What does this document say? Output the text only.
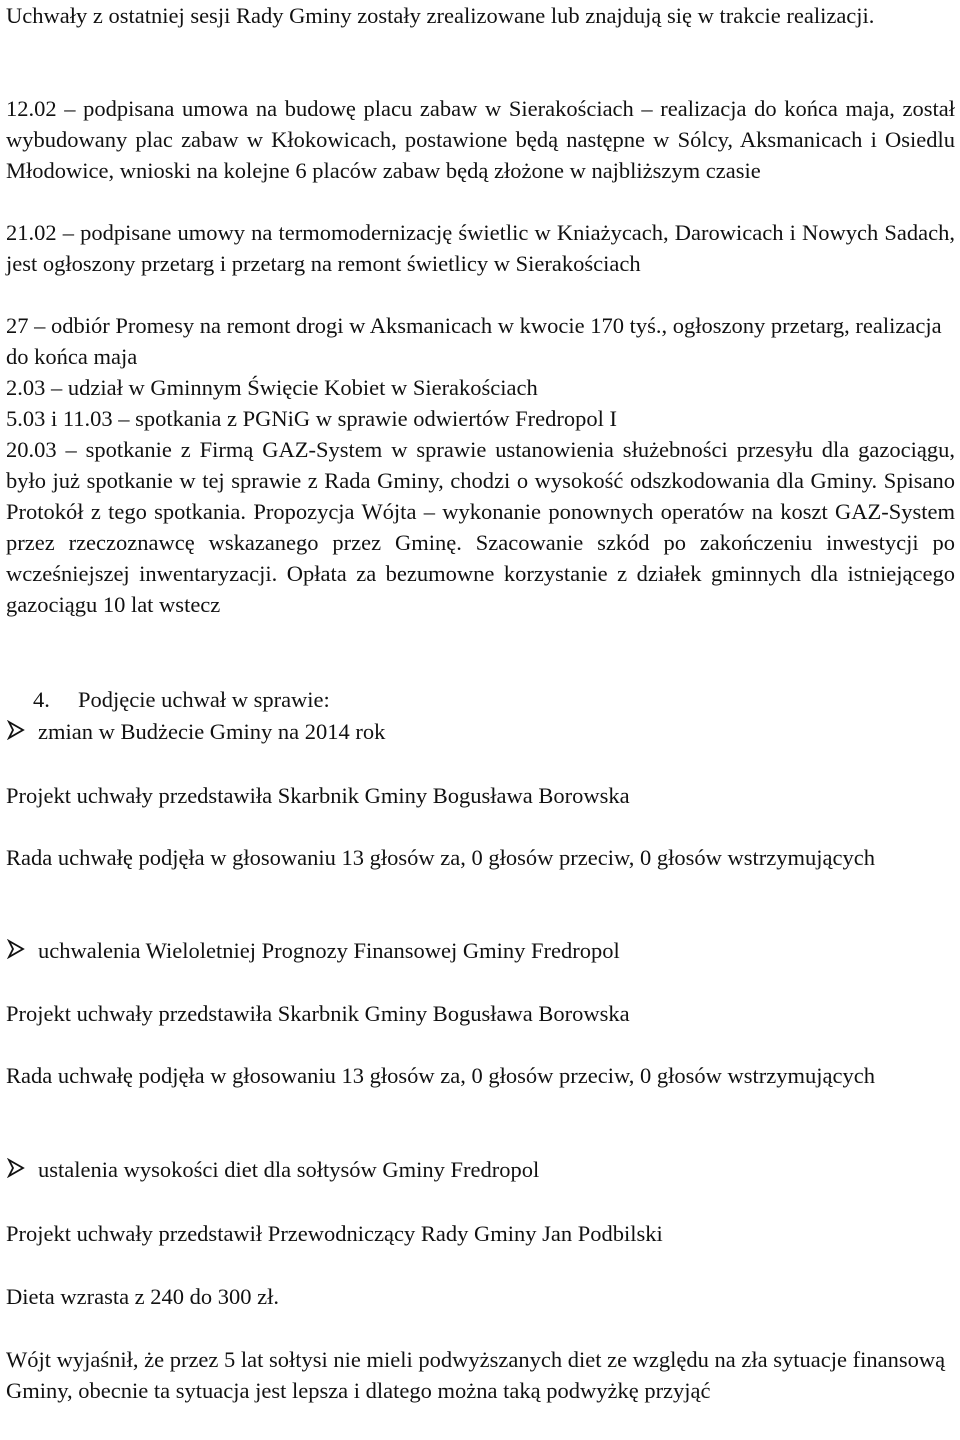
Uchwały z ostatniej sesji Rady Gminy zostały zrealizowane lub znajdują się w trakcie realizacji.

12.02 – podpisana umowa na budowę placu zabaw w Sierakościach – realizacja do końca maja, został wybudowany plac zabaw w Kłokowicach, postawione będą następne w Sólcy, Aksmanicach i Osiedlu Młodowice, wnioski na kolejne 6 placów zabaw będą złożone w najbliższym czasie
21.02 – podpisane umowy na termomodernizację świetlic w Kniażycach, Darowicach i Nowych Sadach, jest ogłoszony przetarg i przetarg na remont świetlicy w Sierakościach
27 – odbiór Promesy na remont drogi w Aksmanicach w kwocie 170 tyś., ogłoszony przetarg, realizacja do końca maja
2.03 – udział w Gminnym Święcie Kobiet w Sierakościach
5.03 i 11.03 – spotkania z PGNiG w sprawie odwiertów Fredropol I
20.03 – spotkanie z Firmą GAZ-System w sprawie ustanowienia służebności przesyłu dla gazociągu, było już spotkanie w tej sprawie z Rada Gminy, chodzi o wysokość odszkodowania dla Gminy. Spisano Protokół z tego spotkania. Propozycja Wójta – wykonanie ponownych operatów na koszt GAZ-System przez rzeczoznawcę wskazanego przez Gminę. Szacowanie szkód po zakończeniu inwestycji po wcześniejszej inwentaryzacji. Opłata za bezumowne korzystanie z działek gminnych dla istniejącego gazociągu 10 lat wstecz
4. Podjęcie uchwał w sprawie:
zmian w Budżecie Gminy na 2014 rok

Projekt uchwały przedstawiła Skarbnik Gminy Bogusława Borowska

Rada uchwałę podjęła w głosowaniu 13 głosów za, 0 głosów przeciw, 0 głosów wstrzymujących

uchwalenia Wieloletniej Prognozy Finansowej Gminy Fredropol

Projekt uchwały przedstawiła Skarbnik Gminy Bogusława Borowska

Rada uchwałę podjęła w głosowaniu 13 głosów za, 0 głosów przeciw, 0 głosów wstrzymujących

ustalenia wysokości diet dla sołtysów Gminy Fredropol

Projekt uchwały przedstawił Przewodniczący Rady Gminy Jan Podbilski

Dieta wzrasta z 240 do 300 zł.

Wójt wyjaśnił, że przez 5 lat sołtysi nie mieli podwyższanych diet ze względu na zła sytuacje finansową Gminy, obecnie ta sytuacja jest lepsza i dlatego można taką podwyżkę przyjąć
